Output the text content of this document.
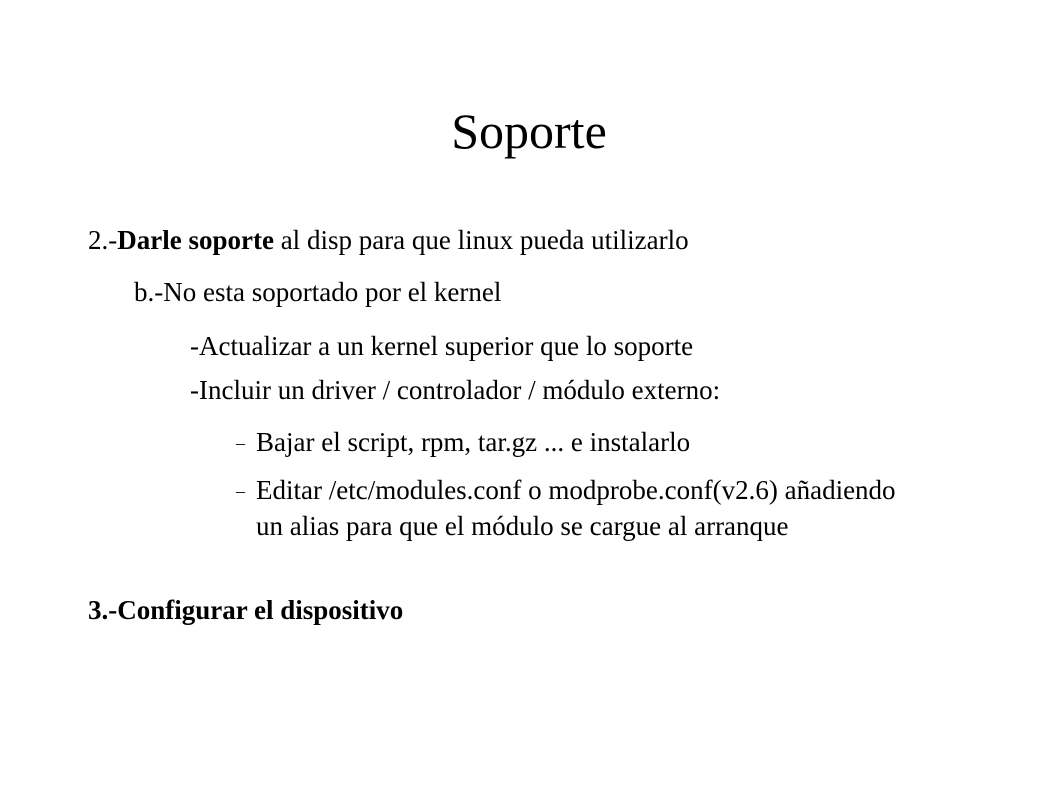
Soporte

2.-Darle soporte al disp para que linux pueda utilizarlo

b.-No esta soportado por el kernel

-Actualizar a un kernel superior que lo soporte

-Incluir un driver / controlador / módulo externo:

– Bajar el script, rpm, tar.gz ... e instalarlo

– Editar /etc/modules.conf o modprobe.conf(v2.6) añadiendo un alias para que el módulo se cargue al arranque

3.-Configurar el dispositivo
